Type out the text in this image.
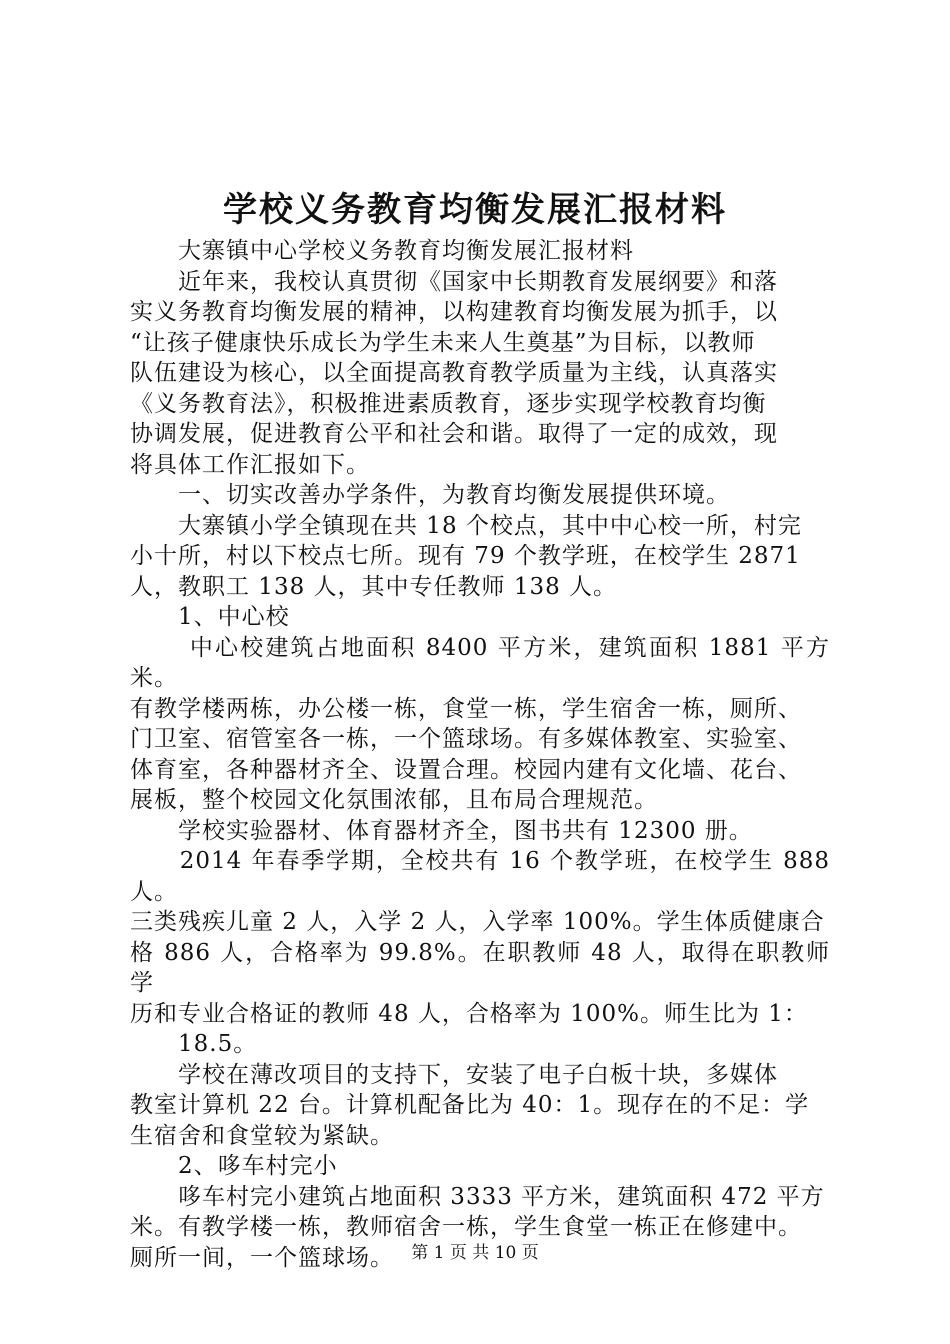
学校义务教育均衡发展汇报材料

　　大寨镇中心学校义务教育均衡发展汇报材料

　　近年来，我校认真贯彻《国家中长期教育发展纲要》和落
实义务教育均衡发展的精神，以构建教育均衡发展为抓手，以
“让孩子健康快乐成长为学生未来人生奠基”为目标，以教师
队伍建设为核心，以全面提高教育教学质量为主线，认真落实
《义务教育法》，积极推进素质教育，逐步实现学校教育均衡
协调发展，促进教育公平和社会和谐。取得了一定的成效，现
将具体工作汇报如下。

　　一、切实改善办学条件，为教育均衡发展提供环境。

　　大寨镇小学全镇现在共 18 个校点，其中中心校一所，村完
小十所，村以下校点七所。现有 79 个教学班，在校学生 2871
人，教职工 138 人，其中专任教师 138 人。

　　1、中心校

　　 中心校建筑占地面积 8400 平方米，建筑面积 1881 平方米。
有教学楼两栋，办公楼一栋，食堂一栋，学生宿舍一栋，厕所、
门卫室、宿管室各一栋，一个篮球场。有多媒体教室、实验室、
体育室，各种器材齐全、设置合理。校园内建有文化墙、花台、
展板，整个校园文化氛围浓郁，且布局合理规范。

　　学校实验器材、体育器材齐全，图书共有 12300 册。

　　2014 年春季学期，全校共有 16 个教学班，在校学生 888 人。
三类残疾儿童 2 人，入学 2 人，入学率 100%。学生体质健康合
格 886 人，合格率为 99.8%。在职教师 48 人，取得在职教师学
历和专业合格证的教师 48 人，合格率为 100%。师生比为 1：
　　18.5。

　　学校在薄改项目的支持下，安装了电子白板十块，多媒体
教室计算机 22 台。计算机配备比为 40：1。现存在的不足：学
生宿舍和食堂较为紧缺。

　　2、哆车村完小

　　哆车村完小建筑占地面积 3333 平方米，建筑面积 472 平方
米。有教学楼一栋，教师宿舍一栋，学生食堂一栋正在修建中。
厕所一间，一个篮球场。	第 1 页 共 10 页
